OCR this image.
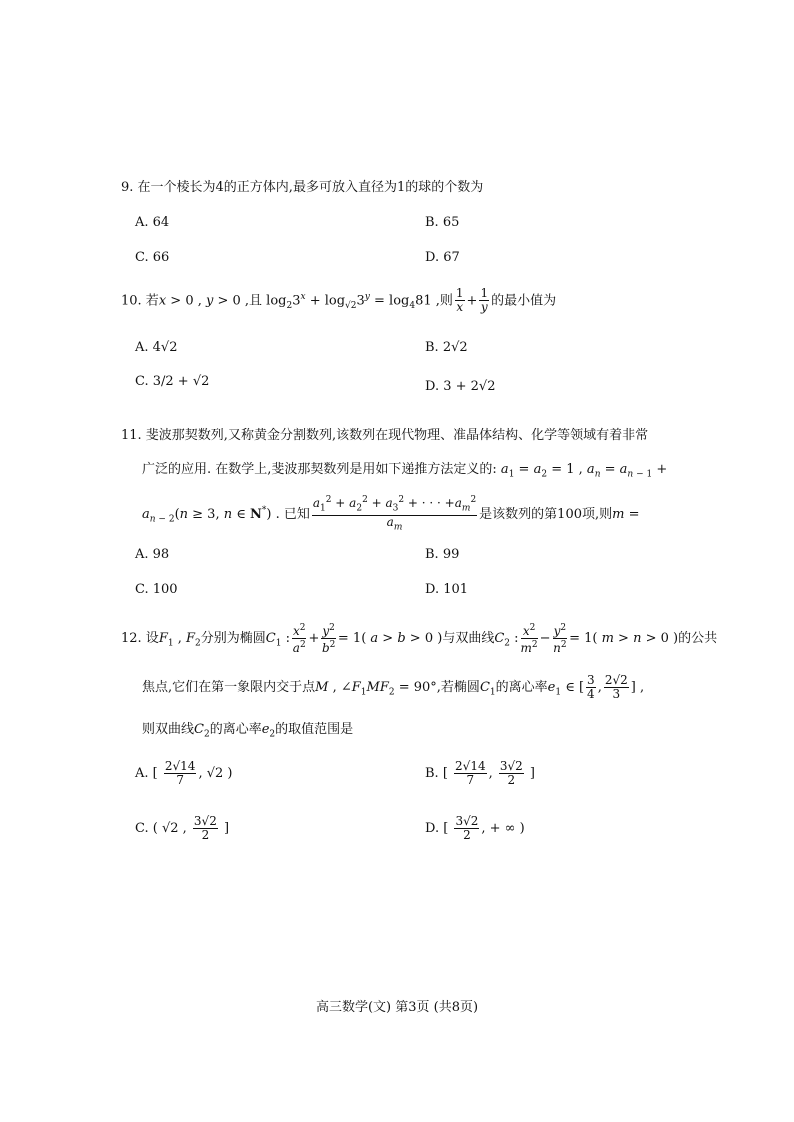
9. 在一个棱长为4的正方体内,最多可放入直径为1的球的个数为
A. 64	B. 65
C. 66	D. 67
10. 若x > 0 , y > 0 ,且 $\log_23^x + \log_{√2}3^y = \log_481$ ,则 $\frac{1}{x} + \frac{1}{y}$ 的最小值为
A. 4√2	B. 2√2
C. 3/2 + √2	D. 3 + 2√2
11. 斐波那契数列,又称黄金分割数列,该数列在现代物理、准晶体结构、化学等领域有着非常
广泛的应用. 在数学上,斐波那契数列是用如下递推方法定义的: $a_1 = a_2 = 1$ , $a_n = a_{n - 1}$ +
$a_{n - 2}(n \ge 3$, n ∈ N*) . 已知 $\frac{a_1^2 + a_2^2 + a_3^2 + \cdot \cdot \cdot +a_m^2}{a_m}$ 是该数列的第100项,则m =
A. 98	B. 99
C. 100	D. 101
12. 设$F_1$ , $F_2$分别为椭圆$C_1$ : $\frac{x^2}{a^2} + \frac{y^2}{b^2} = 1$( a > b > 0 )与双曲线$C_2$ : $\frac{x^2}{m^2} - \frac{y^2}{n^2} = 1$( m > n > 0 )的公共
焦点,它们在第一象限内交于点M , $\angle F_1MF_2 = 90^\circ$,若椭圆$C_1$的离心率$e_1$ ∈ [ $\frac{3}{4}$ , $\frac{2√2}{3}$ ] ,
则双曲线$C_2$的离心率$e_2$的取值范围是
A. [ $\frac{2√14}{7}$ , √2 )	B. [ $\frac{2√14}{7}$ , $\frac{3√2}{2}$ ]
C. ( √2 , $\frac{3√2}{2}$ ]	D. [ $\frac{3√2}{2}$ , + ∞ )
高三数学(文) 第3页 (共8页)
